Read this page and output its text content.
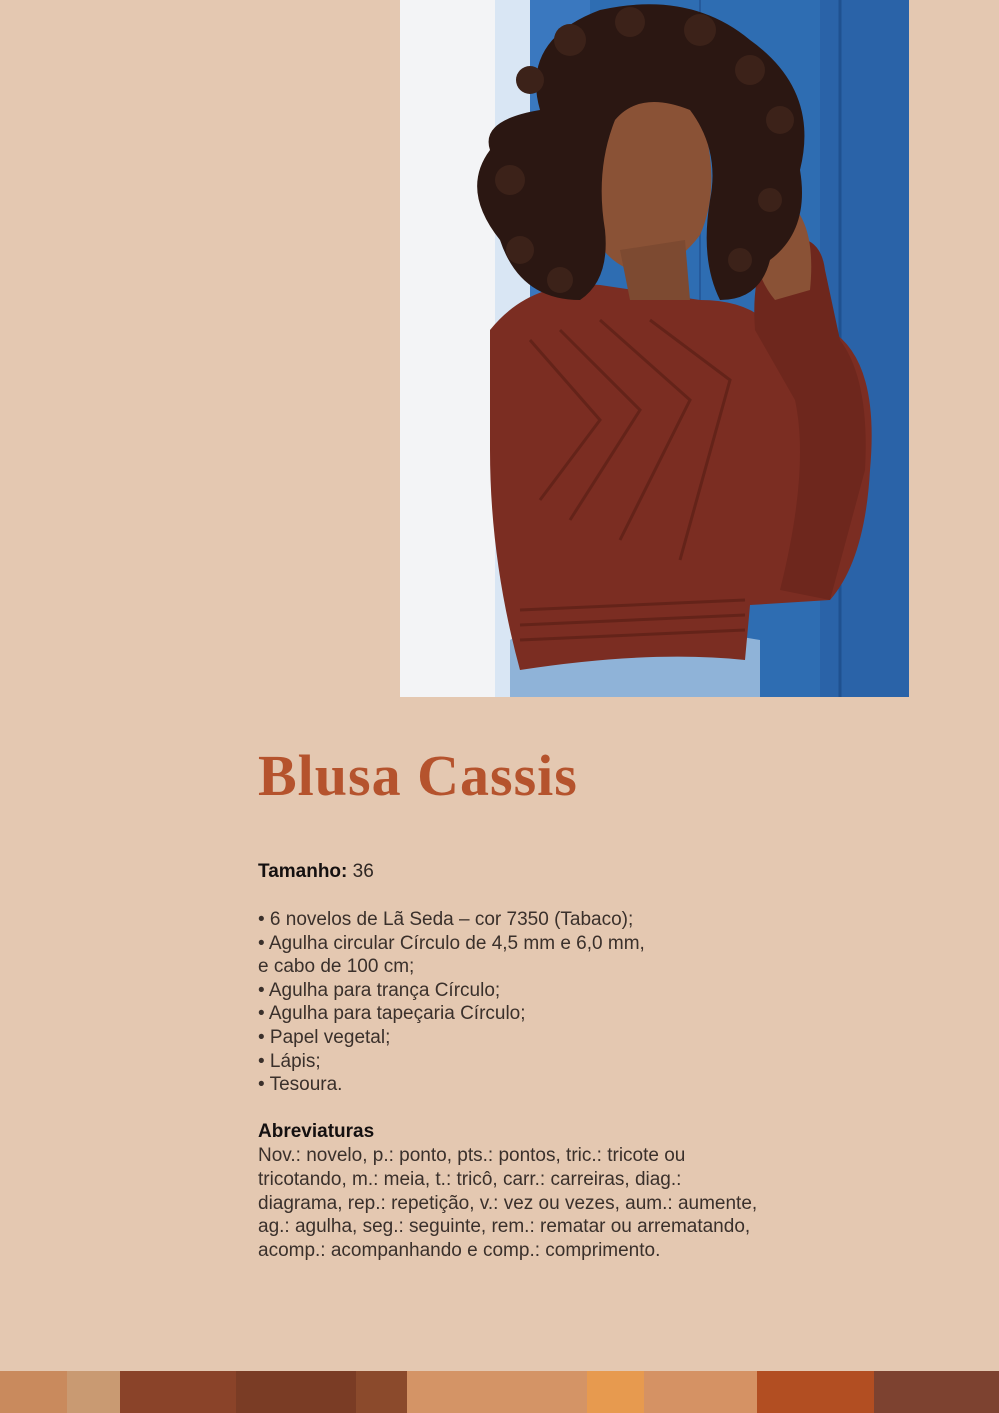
Blusa Cassis
Tamanho: 36
• 6 novelos de Lã Seda – cor 7350 (Tabaco);
• Agulha circular Círculo de 4,5 mm e 6,0 mm,
e cabo de 100 cm;
• Agulha para trança Círculo;
• Agulha para tapeçaria Círculo;
• Papel vegetal;
• Lápis;
• Tesoura.
Abreviaturas

Nov.: novelo, p.: ponto, pts.: pontos, tric.: tricote ou tricotando, m.: meia, t.: tricô, carr.: carreiras, diag.: diagrama, rep.: repetição, v.: vez ou vezes, aum.: aumente, ag.: agulha, seg.: seguinte, rem.: rematar ou arrematando, acomp.: acompanhando e comp.: comprimento.
